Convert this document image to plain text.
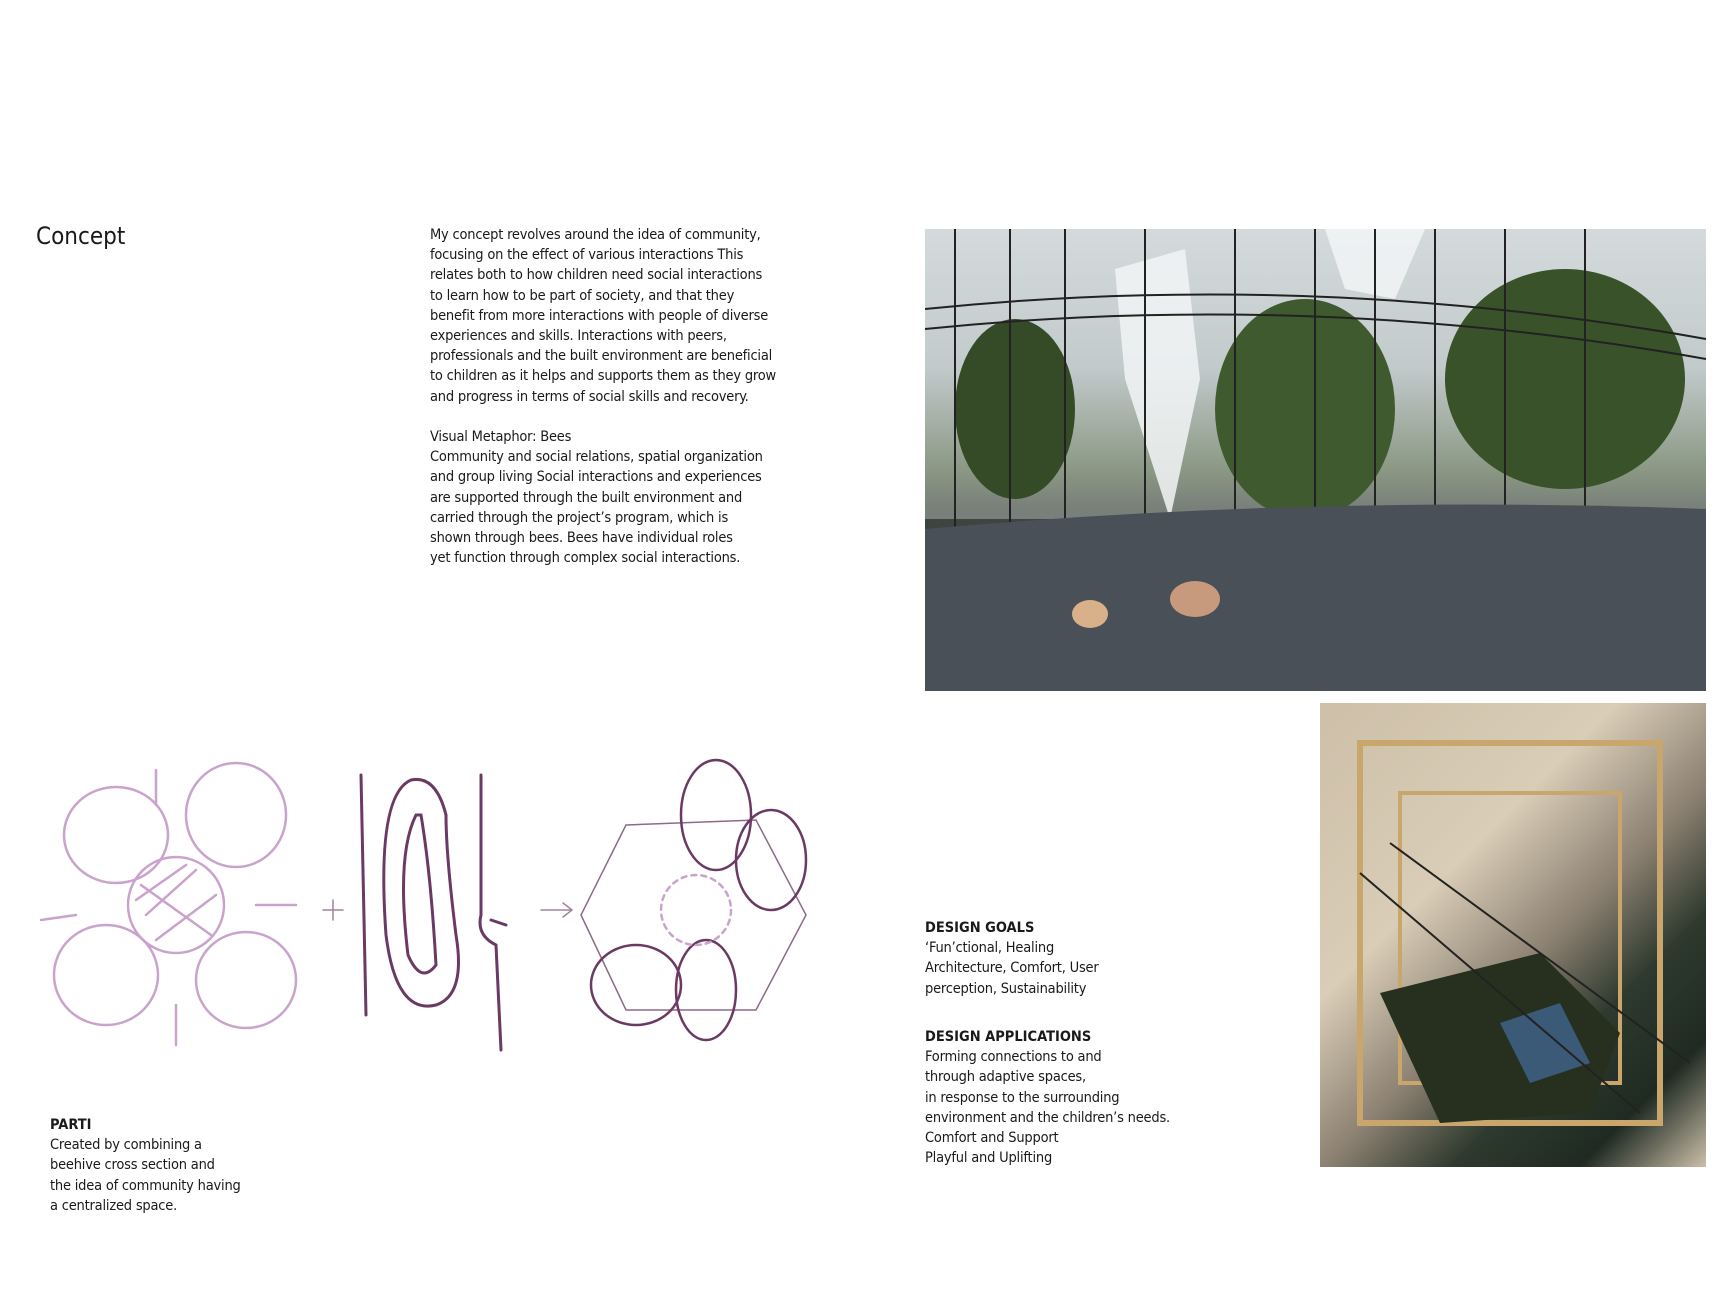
Concept	My concept revolves around the idea of community,
focusing on the effect of various interactions This
relates both to how children need social interactions
to learn how to be part of society, and that they
benefit from more interactions with people of diverse
experiences and skills. Interactions with peers,
professionals and the built environment are beneficial
to children as it helps and supports them as they grow
and progress in terms of social skills and recovery.
Visual Metaphor: Bees
Community and social relations, spatial organization
and group living Social interactions and experiences
are supported through the built environment and
carried through the project’s program, which is
shown through bees. Bees have individual roles
yet function through complex social interactions.
DESIGN GOALS
‘Fun’ctional, Healing
Architecture, Comfort, User
perception, Sustainability
DESIGN APPLICATIONS
Forming connections to and
through adaptive spaces,
in response to the surrounding
environment and the children’s needs.
Comfort and Support
Playful and Uplifting
PARTI
Created by combining a
beehive cross section and
the idea of community having
a centralized space.
